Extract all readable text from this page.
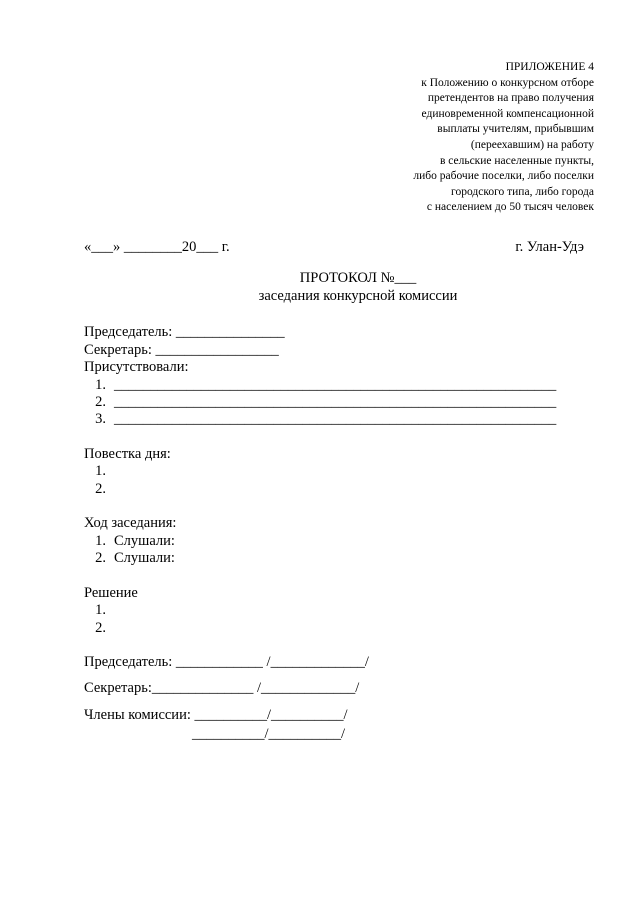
ПРИЛОЖЕНИЕ 4
к Положению о конкурсном отборе
претендентов на право получения
единовременной компенсационной
выплаты учителям, прибывшим
(переехавшим) на работу
в сельские населенные пункты,
либо рабочие поселки, либо поселки
городского типа, либо города
с населением до 50 тысяч человек
«___» ________20___ г.	г. Улан-Удэ
ПРОТОКОЛ №___
заседания конкурсной комиссии
Председатель: _______________
Секретарь: _________________
Присутствовали:
1. _____________________________________________________________
2. _____________________________________________________________
3. _____________________________________________________________
Повестка дня:
1.
2.
Ход заседания:
1. Слушали:
2. Слушали:
Решение
1.
2.
Председатель: ____________ /_____________/
Секретарь:______________ /_____________/
Члены комиссии: __________/__________/
__________/__________/
